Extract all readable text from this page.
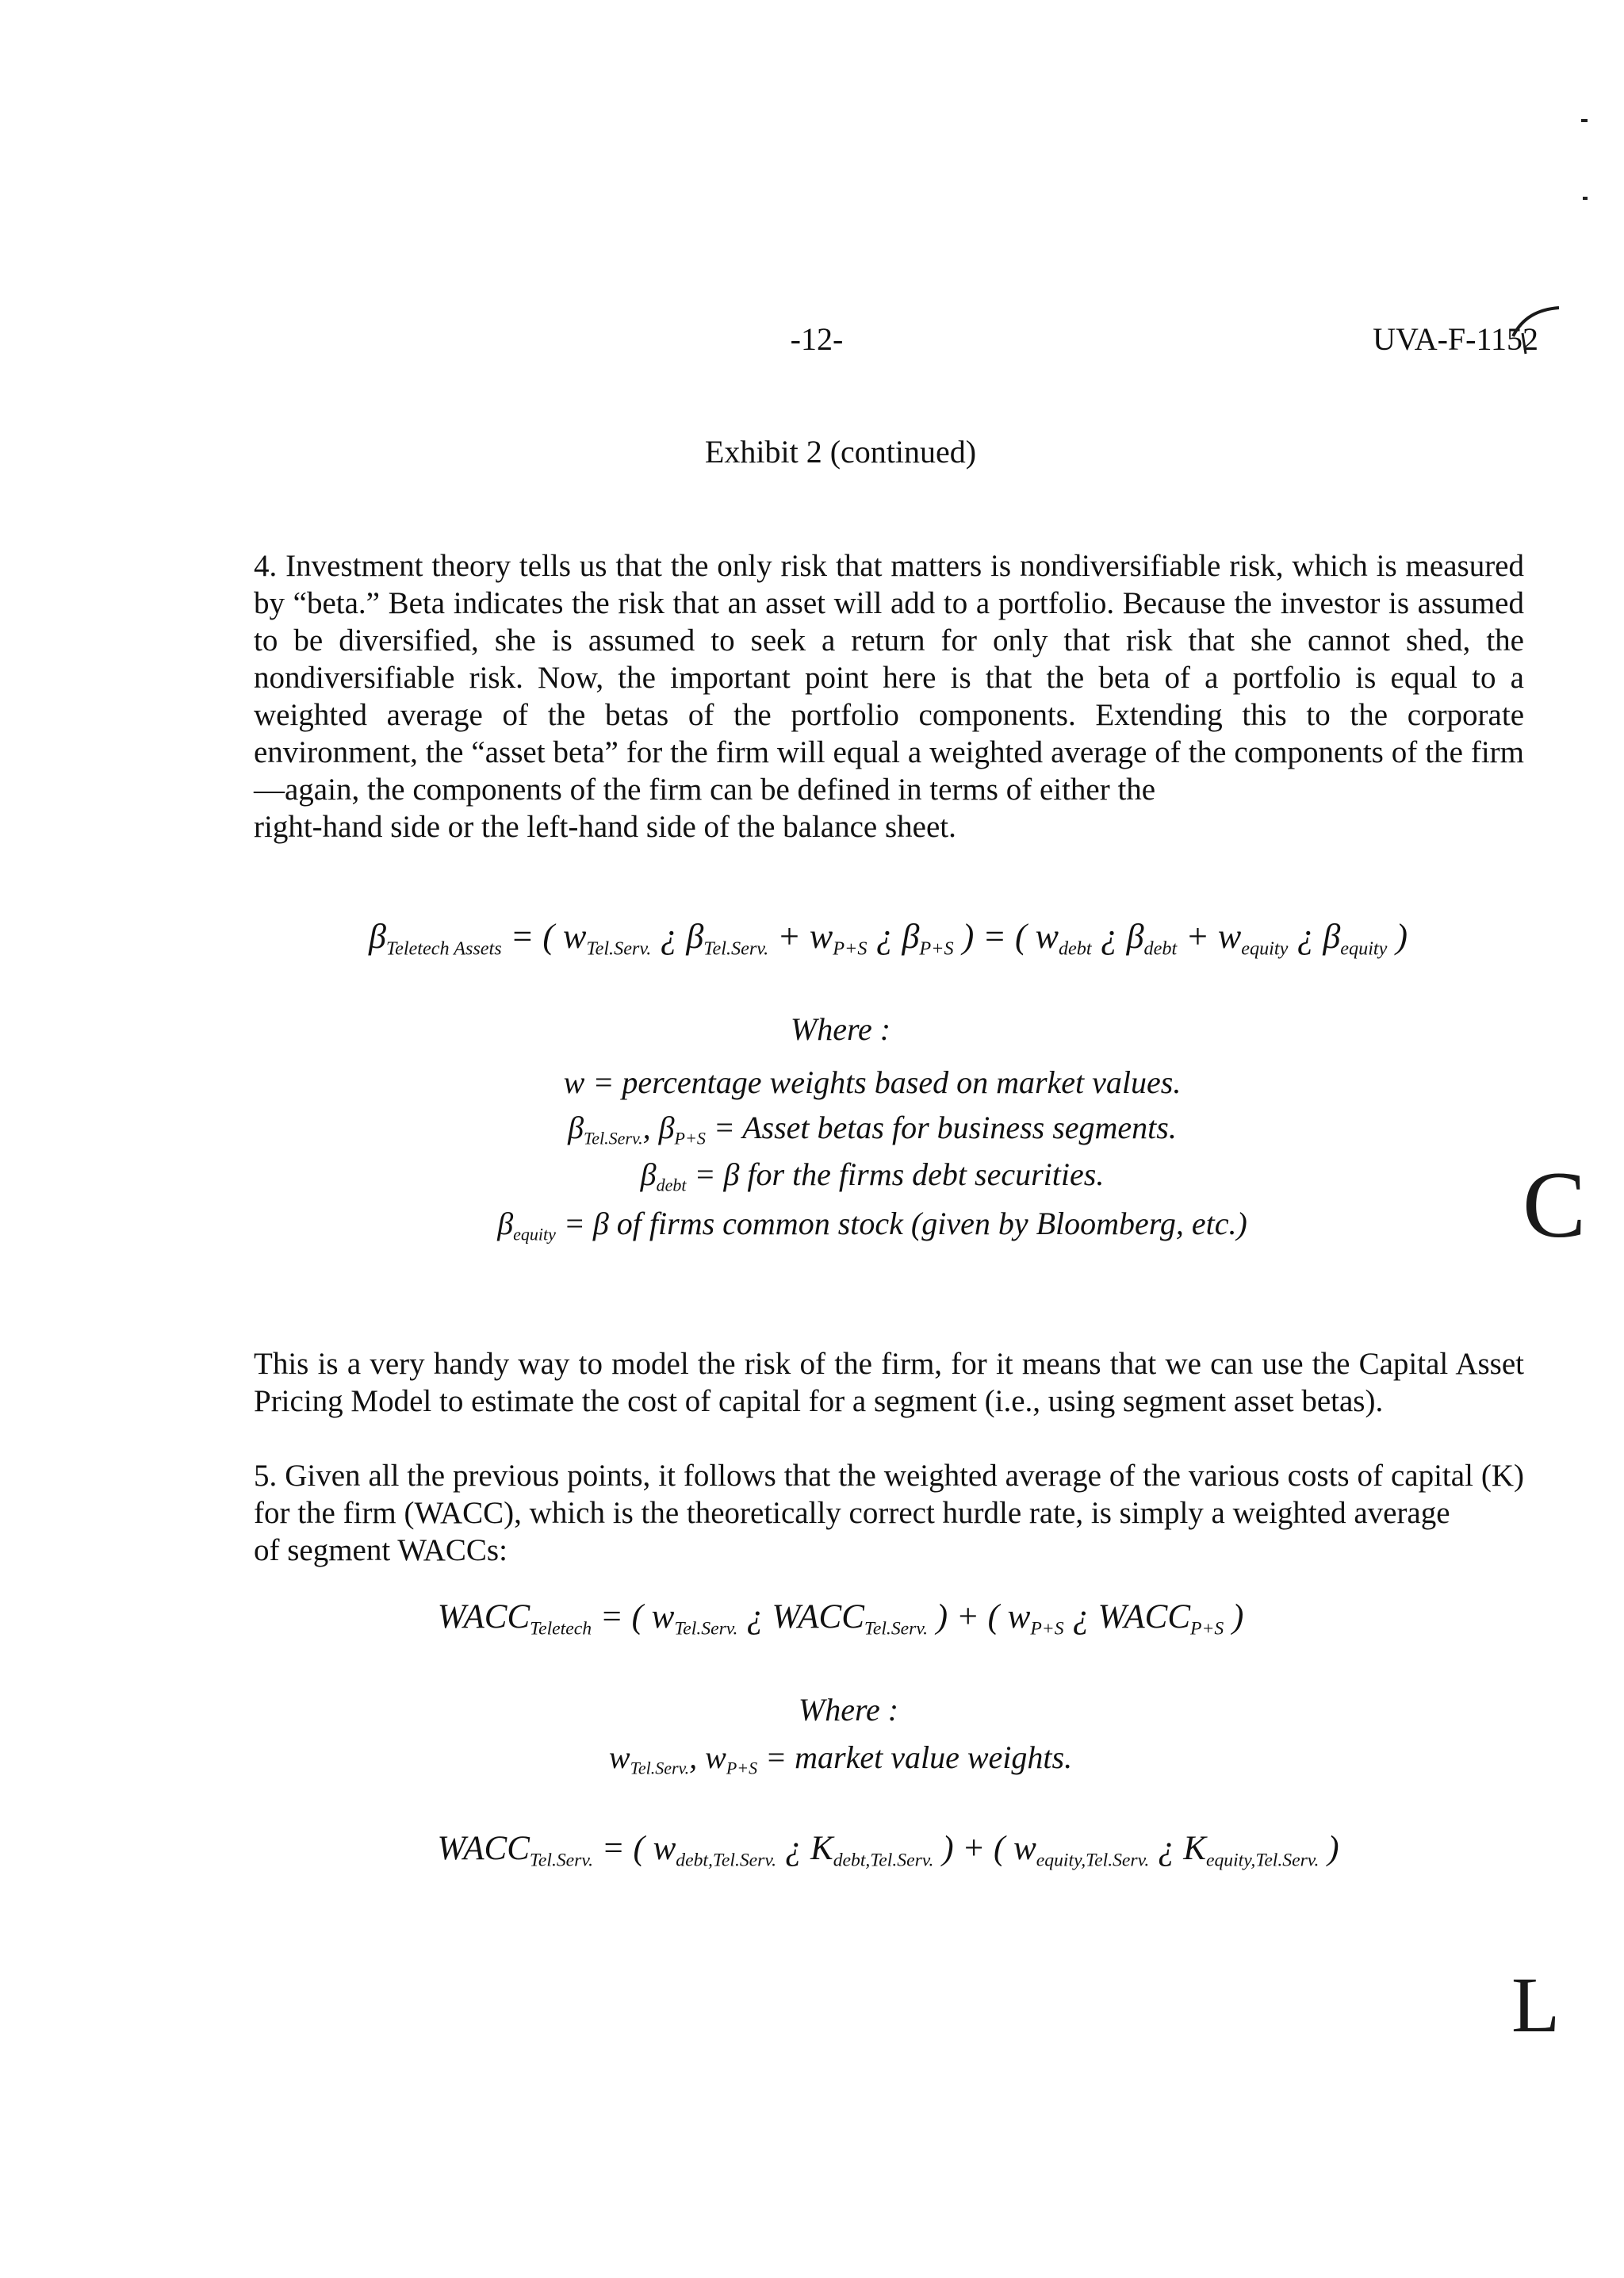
-12-	UVA-F-1152
Exhibit 2 (continued)
4. Investment theory tells us that the only risk that matters is nondiversifiable risk, which is measured by “beta.” Beta indicates the risk that an asset will add to a portfolio. Because the investor is assumed to be diversified, she is assumed to seek a return for only that risk that she cannot shed, the nondiversifiable risk. Now, the important point here is that the beta of a portfolio is equal to a weighted average of the betas of the portfolio components. Extending this to the corporate environment, the “asset beta” for the firm will equal a weighted average of the components of the firm—again, the components of the firm can be defined in terms of either the
right-hand side or the left-hand side of the balance sheet.
$\beta_{Teletech Assets}$ = ( $w_{Tel.Serv.}$ ¿ $\beta_{Tel.Serv.} + w_{P+S}$ ¿ $\beta_{P+S}$ ) = ( $w_{debt}$ ¿ $\beta_{debt} + w_{equity}$ ¿ $\beta_{equity}$ )
Where :
w = percentage weights based on market values.
$\beta_{Tel.Serv.}$, $\beta_{P+S}$ = Asset betas for business segments.
$\beta_{debt} = \beta$ for the firms debt securities.
$\beta_{equity} = \beta$ of firms common stock (given by Bloomberg, etc.)	C
This is a very handy way to model the risk of the firm, for it means that we can use the Capital Asset Pricing Model to estimate the cost of capital for a segment (i.e., using segment asset betas).
5. Given all the previous points, it follows that the weighted average of the various costs of capital (K) for the firm (WACC), which is the theoretically correct hurdle rate, is simply a weighted average
of segment WACCs:
$WACC_{Teletech}$ = ( $w_{Tel.Serv.}$ ¿ $WACC_{Tel.Serv.}$ ) + ( $w_{P+S}$ ¿ $WACC_{P+S}$ )
Where :
$w_{Tel.Serv.}$, $w_{P+S}$ = market value weights.
$WACC_{Tel.Serv.}$ = ( $w_{debt,Tel.Serv.}$ ¿ $K_{debt,Tel.Serv.}$ ) + ( $w_{equity,Tel.Serv.}$ ¿ $K_{equity,Tel.Serv.}$ )
L
